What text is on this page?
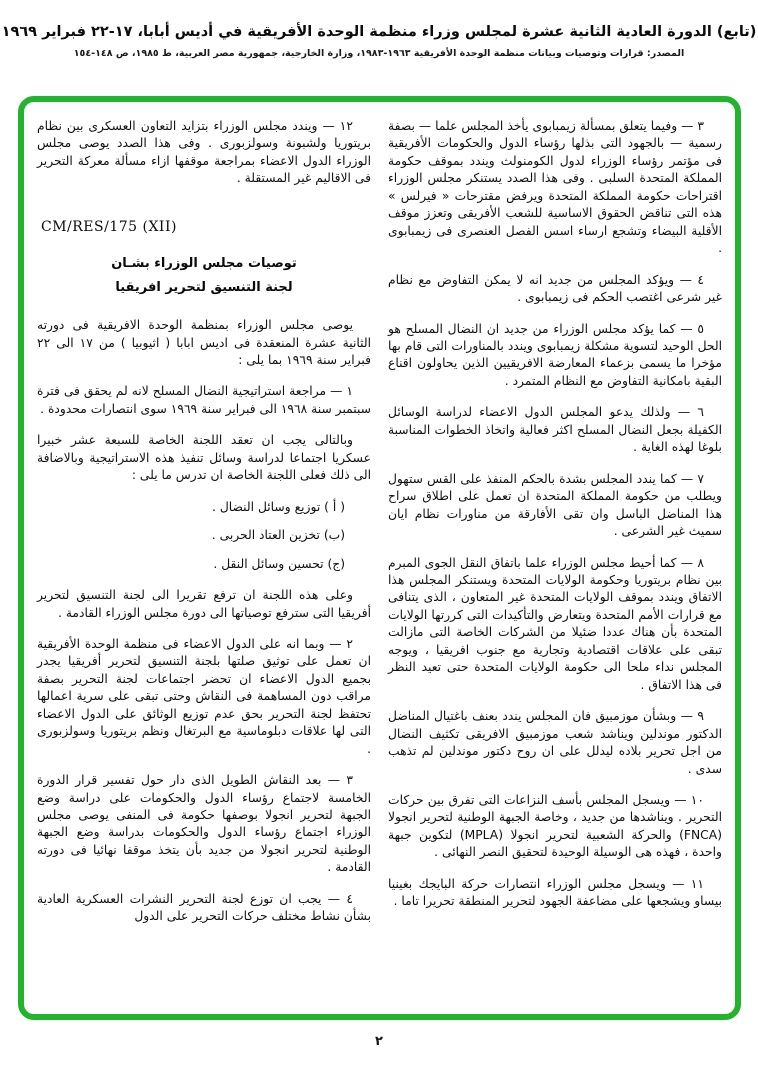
(تابع) الدورة العادية الثانية عشرة لمجلس وزراء منظمة الوحدة الأفريقية في أديس أبابا، ١٧-٢٢ فبراير ١٩٦٩
المصدر: قرارات وتوصيات وبيانات منظمة الوحدة الأفريقية ١٩٦٣-١٩٨٣، وزارة الخارجية، جمهورية مصر العربية، ط ١٩٨٥، ص ١٤٨-١٥٤

٣ — وفيما يتعلق بمسألة زيمبابوى يأخذ المجلس علما — بصفة رسمية — بالجهود التى بذلها رؤساء الدول والحكومات الأفريقية فى مؤتمر رؤساء الوزراء لدول الكومنولث ويندد بموقف حكومة المملكة المتحدة السلبى . وفى هذا الصدد يستنكر مجلس الوزراء اقتراحات حكومة المملكة المتحدة ويرفض مقترحات « فيرلس » هذه التى تناقض الحقوق الاساسية للشعب الأفريقى وتعزز موقف الأقلية البيضاء وتشجع ارساء اسس الفصل العنصرى فى زيمبابوى .

٤ — ويؤكد المجلس من جديد انه لا يمكن التفاوض مع نظام غير شرعى اغتصب الحكم فى زيمبابوى .

٥ — كما يؤكد مجلس الوزراء من جديد ان النضال المسلح هو الحل الوحيد لتسوية مشكلة زيمبابوى ويندد بالمناورات التى قام بها مؤخرا ما يسمى بزعماء المعارضة الافريقيين الذين يحاولون اقناع البقية بامكانية التفاوض مع النظام المتمرد .

٦ — ولذلك يدعو المجلس الدول الاعضاء لدراسة الوسائل الكفيلة بجعل النضال المسلح اكثر فعالية واتخاذ الخطوات المناسبة بلوغا لهذه الغاية .

٧ — كما يندد المجلس بشدة بالحكم المنفذ على القس ستهول ويطلب من حكومة المملكة المتحدة ان تعمل على اطلاق سراح هذا المناضل الباسل وان تقى الأفارقة من مناورات نظام ايان سميث غير الشرعى .

٨ — كما أحيط مجلس الوزراء علما باتفاق النقل الجوى المبرم بين نظام بريتوريا وحكومة الولايات المتحدة ويستنكر المجلس هذا الاتفاق ويندد بموقف الولايات المتحدة غير المتعاون ، الذى يتنافى مع قرارات الأمم المتحدة ويتعارض والتأكيدات التى كررتها الولايات المتحدة بأن هناك عددا ضئيلا من الشركات الخاصة التى مازالت تبقى على علاقات اقتصادية وتجارية مع جنوب افريقيا ، ويوجه المجلس نداء ملحا الى حكومة الولايات المتحدة حتى تعيد النظر فى هذا الاتفاق .

٩ — وبشأن موزمبيق فان المجلس يندد بعنف باغتيال المناضل الدكتور موندلين ويناشد شعب موزمبيق الافريقى تكثيف النضال من اجل تحرير بلاده ليدلل على ان روح دكتور موندلين لم تذهب سدى .

١٠ — ويسجل المجلس بأسف النزاعات التى تفرق بين حركات التحرير . ويناشدها من جديد ، وخاصة الجبهة الوطنية لتحرير انجولا (FNCA) والحركة الشعبية لتحرير انجولا (MPLA) لتكوين جبهة واحدة ، فهذه هى الوسيلة الوحيدة لتحقيق النصر النهائى .

١١ — ويسجل مجلس الوزراء انتصارات حركة البايجك بغينيا بيساو ويشجعها على مضاعفة الجهود لتحرير المنطقة تحريرا تاما .

١٢ — ويندد مجلس الوزراء بتزايد التعاون العسكرى بين نظام بريتوريا ولشبونة وسولزبورى . وفى هذا الصدد يوصى مجلس الوزراء الدول الاعضاء بمراجعة موقفها ازاء مسألة معركة التحرير فى الاقاليم غير المستقلة .

CM/RES/175 (XII)
توصيات مجلس الوزراء بشـان
لجنة التنسيق لتحرير افريقيا

يوصى مجلس الوزراء بمنظمة الوحدة الافريقية فى دورته الثانية عشرة المنعقدة فى اديس ابابا ( اثيوبيا ) من ١٧ الى ٢٢ فبراير سنة ١٩٦٩ بما يلى :

١ — مراجعة استراتيجية النضال المسلح لانه لم يحقق فى فترة سبتمبر سنة ١٩٦٨ الى فبراير سنة ١٩٦٩ سوى انتصارات محدودة .

وبالتالى يجب ان تعقد اللجنة الخاصة للسبعة عشر خبيرا عسكريا اجتماعا لدراسة وسائل تنفيذ هذه الاستراتيجية وبالاضافة الى ذلك فعلى اللجنة الخاصة ان تدرس ما يلى :

( أ ) توزيع وسائل النضال .
(ب) تخزين العتاد الحربى .
(ج) تحسين وسائل النقل .

وعلى هذه اللجنة ان ترفع تقريرا الى لجنة التنسيق لتحرير أفريقيا التى سترفع توصياتها الى دورة مجلس الوزراء القادمة .

٢ — وبما انه على الدول الاعضاء فى منظمة الوحدة الأفريقية ان تعمل على توثيق صلتها بلجنة التنسيق لتحرير أفريقيا يجدر بجميع الدول الاعضاء ان تحضر اجتماعات لجنة التحرير بصفة مراقب دون المساهمة فى النقاش وحتى تبقى على سرية اعمالها تحتفظ لجنة التحرير بحق عدم توزيع الوثائق على الدول الاعضاء التى لها علاقات دبلوماسية مع البرتغال ونظم بريتوريا وسولزبورى .

٣ — بعد النقاش الطويل الذى دار حول تفسير قرار الدورة الخامسة لاجتماع رؤساء الدول والحكومات على دراسة وضع الجبهة لتحرير انجولا بوصفها حكومة فى المنفى يوصى مجلس الوزراء اجتماع رؤساء الدول والحكومات بدراسة وضع الجبهة الوطنية لتحرير انجولا من جديد بأن يتخذ موقفا نهائيا فى دورته القادمة .

٤ — يجب ان توزع لجنة التحرير النشرات العسكرية العادية بشأن نشاط مختلف حركات التحرير على الدول

٢
